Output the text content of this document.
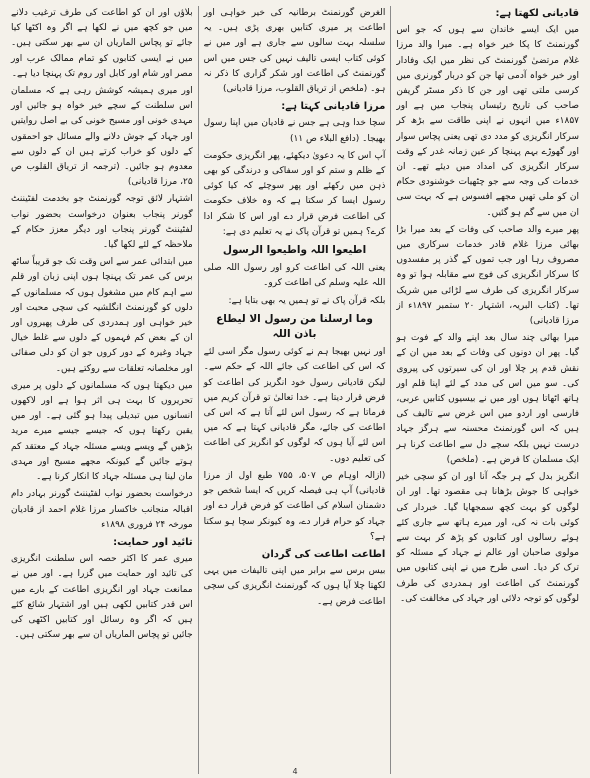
قادیانی لکھتا ہے:

میں ایک ایسے خاندان سے ہوں کہ جو اس گورنمنٹ کا پکا خیر خواہ ہے۔ میرا والد مرزا غلام مرتضیٰ گورنمنٹ کی نظر میں ایک وفادار اور خیر خواہ آدمی تھا جن کو دربار گورنری میں کرسی ملتی تھی اور جن کا ذکر مسٹر گریفن صاحب کی تاریخ رئیساں پنجاب میں ہے اور ۱۸۵۷ء میں انہوں نے اپنی طاقت سے بڑھ کر سرکار انگریزی کو مدد دی تھی یعنی پچاس سوار اور گھوڑے بہم پہنچا کر عین زمانہ غدر کے وقت سرکار انگریزی کی امداد میں دیئے تھے۔ ان خدمات کی وجہ سے جو چٹھیات خوشنودی حکام ان کو ملی تھیں مجھے افسوس ہے کہ بہت سی ان میں سے گم ہو گئیں۔

پھر میرے والد صاحب کی وفات کے بعد میرا بڑا بھائی مرزا غلام قادر خدمات سرکاری میں مصروف رہا اور جب تموں کے گذر پر مفسدوں کا سرکار انگریزی کی فوج سے مقابلہ ہوا تو وہ سرکار انگریزی کی طرف سے لڑائی میں شریک تھا۔ (کتاب البریہ، اشتہار ۲۰ ستمبر ۱۸۹۷ء از مرزا قادیانی)

میرا بھائی چند سال بعد اپنے والد کے فوت ہو گیا۔ پھر ان دونوں کی وفات کے بعد میں ان کے نقش قدم پر چلا اور ان کی سیرتوں کی پیروی کی۔ سو میں اس کی مدد کے لئے اپنا قلم اور ہاتھ اٹھاتا ہوں اور میں نے بیسیوں کتابیں عربی، فارسی اور اردو میں اس غرض سے تالیف کی ہیں کہ اس گورنمنٹ محسنہ سے ہرگز جہاد درست نہیں بلکہ سچے دل سے اطاعت کرنا ہر ایک مسلمان کا فرض ہے۔ (ملخص)

انگریز بدل کے ہر جگہ آنا اور ان کو سچی خیر خواہی کا جوش بڑھانا ہی مقصود تھا۔ اور ان لوگوں کو بہت کچھ سمجھایا گیا۔ خبردار کی کوئی بات نہ کی، اور میرے ہاتھ سے جاری کئے ہوئے رسالوں اور کتابوں کو پڑھ کر بہت سے مولوی صاحبان اور عالم نے جہاد کے مسئلہ کو ترک کر دیا۔ اسی طرح میں نے اپنی کتابوں میں گورنمنٹ کی اطاعت اور ہمدردی کی طرف لوگوں کو توجہ دلائی اور جہاد کی مخالفت کی۔

الغرض گورنمنٹ برطانیہ کی خیر خواہی اور اطاعت پر میری کتابیں بھری پڑی ہیں۔ یہ سلسلہ بہت سالوں سے جاری ہے اور میں نے کوئی کتاب ایسی تالیف نہیں کی جس میں اس گورنمنٹ کی اطاعت اور شکر گزاری کا ذکر نہ ہو۔ (ملخص از تریاق القلوب، مرزا قادیانی)

مرزا قادیانی کہتا ہے:

سچا خدا وہی ہے جس نے قادیان میں اپنا رسول بھیجا۔ (دافع البلاء ص ۱۱)

آپ اس کا یہ دعویٰ دیکھئے، پھر انگریزی حکومت کے ظلم و ستم کو اور سفاکی و درندگی کو بھی ذہن میں رکھئے اور پھر سوچئے کہ کیا کوئی رسول ایسا کر سکتا ہے کہ وہ خلاف حکومت کی اطاعت فرض قرار دے اور اس کا شکر ادا کرے؟ ہمیں تو قرآن پاک نے یہ تعلیم دی ہے:

اطیعوا اللہ واطیعوا الرسول

یعنی اللہ کی اطاعت کرو اور رسول اللہ صلی اللہ علیہ وسلم کی اطاعت کرو۔

بلکہ قرآن پاک نے تو ہمیں یہ بھی بتایا ہے:

وما ارسلنا من رسول الا لیطاع باذن اللہ

اور نہیں بھیجا ہم نے کوئی رسول مگر اسی لئے کہ اس کی اطاعت کی جائے اللہ کے حکم سے۔ لیکن قادیانی رسول خود انگریز کی اطاعت کو فرض قرار دیتا ہے۔ خدا تعالیٰ تو قرآن کریم میں فرماتا ہے کہ رسول اس لئے آتا ہے کہ اس کی اطاعت کی جائے، مگر قادیانی کہتا ہے کہ میں اس لئے آیا ہوں کہ لوگوں کو انگریز کی اطاعت کی تعلیم دوں۔

(ازالہ اوہام ص ۵۰۷، ۷۵۵ طبع اول از مرزا قادیانی) آپ ہی فیصلہ کریں کہ ایسا شخص جو دشمنان اسلام کی اطاعت کو فرض قرار دے اور جہاد کو حرام قرار دے، وہ کیونکر سچا ہو سکتا ہے؟

اطاعت اطاعت کی گردان

بیس برس سے برابر میں اپنی تالیفات میں یہی لکھتا چلا آیا ہوں کہ گورنمنٹ انگریزی کی سچی اطاعت فرض ہے۔

بلاؤں اور ان کو اطاعت کی طرف ترغیب دلانے میں جو کچھ میں نے لکھا ہے اگر وہ اکٹھا کیا جائے تو پچاس الماریاں ان سے بھر سکتی ہیں۔ میں نے ایسی کتابوں کو تمام ممالک عرب اور مصر اور شام اور کابل اور روم تک پہنچا دیا ہے۔

اور میری ہمیشہ کوشش رہی ہے کہ مسلمان اس سلطنت کے سچے خیر خواہ ہو جائیں اور مہدی خونی اور مسیح خونی کی بے اصل روایتیں اور جہاد کے جوش دلانے والے مسائل جو احمقوں کے دلوں کو خراب کرتے ہیں ان کے دلوں سے معدوم ہو جائیں۔ (ترجمہ از تریاق القلوب ص ۲۵، مرزا قادیانی)

اشتہار لائق توجہ گورنمنٹ جو بخدمت لفٹیننٹ گورنر پنجاب بعنوان درخواست بحضور نواب لفٹیننٹ گورنر پنجاب اور دیگر معزز حکام کے ملاحظہ کے لئے لکھا گیا۔

میں ابتدائی عمر سے اس وقت تک جو قریباً ساٹھ برس کی عمر تک پہنچا ہوں اپنی زبان اور قلم سے اہم کام میں مشغول ہوں کہ مسلمانوں کے دلوں کو گورنمنٹ انگلشیہ کی سچی محبت اور خیر خواہی اور ہمدردی کی طرف پھیروں اور ان کے بعض کم فہموں کے دلوں سے غلط خیال جہاد وغیرہ کے دور کروں جو ان کو دلی صفائی اور مخلصانہ تعلقات سے روکتے ہیں۔

میں دیکھتا ہوں کہ مسلمانوں کے دلوں پر میری تحریروں کا بہت ہی اثر ہوا ہے اور لاکھوں انسانوں میں تبدیلی پیدا ہو گئی ہے۔ اور میں یقین رکھتا ہوں کہ جیسے جیسے میرے مرید بڑھیں گے ویسے ویسے مسئلہ جہاد کے معتقد کم ہوتے جائیں گے کیونکہ مجھے مسیح اور مہدی مان لینا ہی مسئلہ جہاد کا انکار کرنا ہے۔

درخواست بحضور نواب لفٹیننٹ گورنر بہادر دام اقبالہ منجانب خاکسار مرزا غلام احمد از قادیان مورخہ ۲۴ فروری ۱۸۹۸ء

تائید اور حمایت:

میری عمر کا اکثر حصہ اس سلطنت انگریزی کی تائید اور حمایت میں گزرا ہے۔ اور میں نے ممانعت جہاد اور انگریزی اطاعت کے بارے میں اس قدر کتابیں لکھی ہیں اور اشتہار شائع کئے ہیں کہ اگر وہ رسائل اور کتابیں اکٹھی کی جائیں تو پچاس الماریاں ان سے بھر سکتی ہیں۔

4
